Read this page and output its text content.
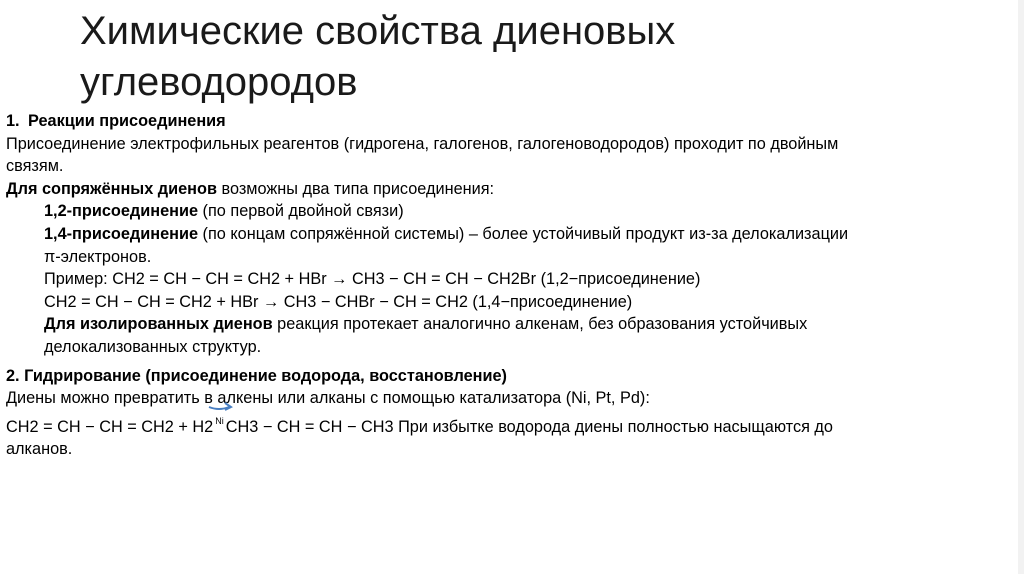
Химические свойства диеновых
углеводородов
1. Реакции присоединения
Присоединение электрофильных реагентов (гидрогена, галогенов, галогеноводородов) проходит по двойным
связям.
Для сопряжённых диенов возможны два типа присоединения:
1,2-присоединение (по первой двойной связи)
1,4-присоединение (по концам сопряжённой системы) – более устойчивый продукт из-за делокализации
π-электронов.
Пример: CH2 = CH − CH = CH2 + HBr → CH3 − CH = CH − CH2Br (1,2−присоединение)
CH2 = CH − CH = CH2 + HBr → CH3 − CHBr − CH = CH2 (1,4−присоединение)
Для изолированных диенов реакция протекает аналогично алкенам, без образования устойчивых
делокализованных структур.
2. Гидрирование (присоединение водорода, восстановление)
Диены можно превратить в алкены или алканы с помощью катализатора (Ni, Pt, Pd):
CH2 = CH − CH = CH2 + H2 $^{Ni}$ CH3 − CH = CH − CH3 При избытке водорода диены полностью насыщаются до
алканов.
